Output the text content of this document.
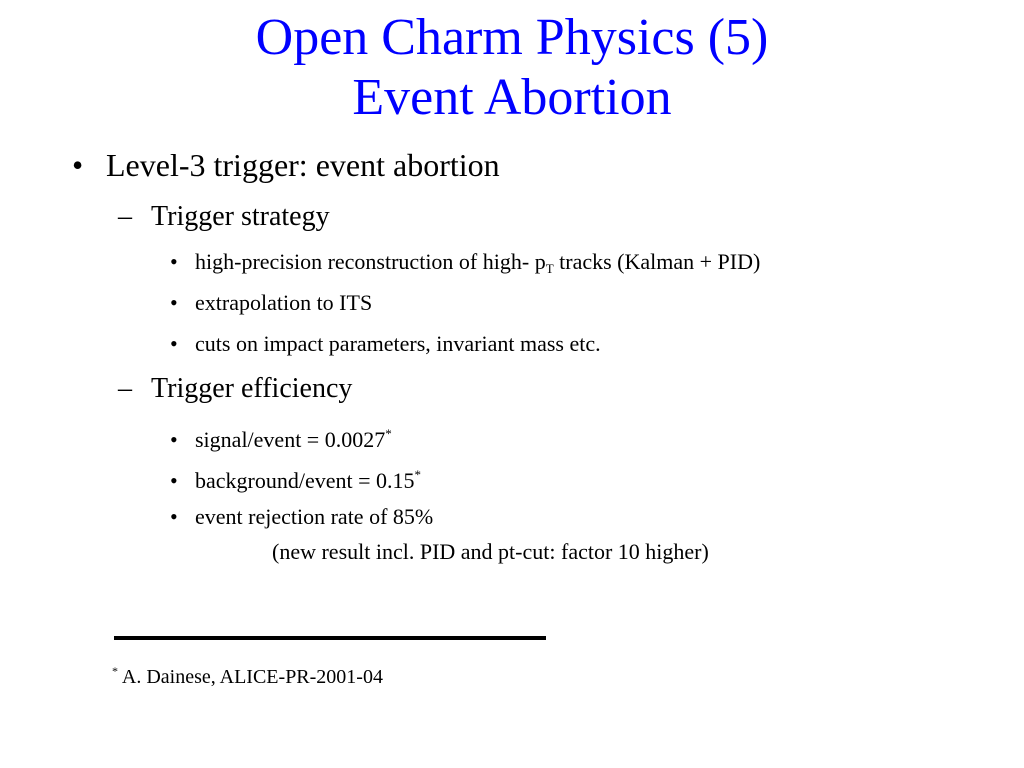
Open Charm Physics (5)
Event Abortion
• Level-3 trigger: event abortion
– Trigger strategy
• high-precision reconstruction of high- $p_T$ tracks (Kalman + PID)
• extrapolation to ITS
• cuts on impact parameters, invariant mass etc.
– Trigger efficiency
• signal/event = 0.0027*
• background/event = 0.15*
• event rejection rate of 85%
(new result incl. PID and pt-cut: factor 10 higher)
* A. Dainese, ALICE-PR-2001-04
